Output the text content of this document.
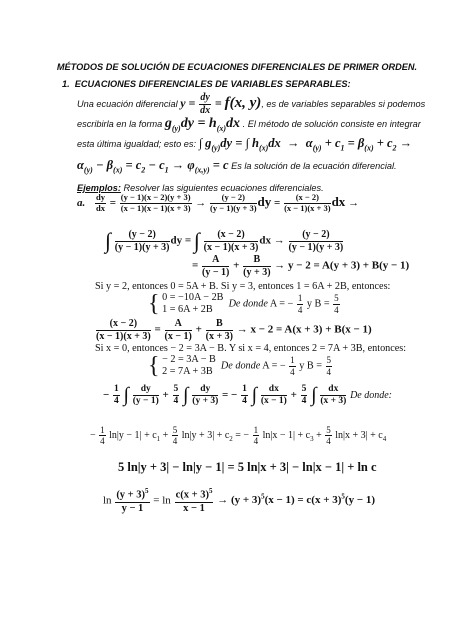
MÉTODOS DE SOLUCIÓN DE ECUACIONES DIFERENCIALES DE PRIMER ORDEN.
1. ECUACIONES DIFERENCIALES DE VARIABLES SEPARABLES:
Una ecuación diferencial $y = \frac{dy}{dx} = f(x$, y), es de variables separables si podemos
escribirla en la forma $g_{(y)}dy = h_{(x)}dx$ . El método de solución consiste en integrar
esta última igualdad; esto es: ∫ $g_{(y)}dy$ = ∫ $h_{(x)}dx \to \alpha_{(y)} + c_1 = \beta_{(x)} + c_2$ →
$\alpha_{(y)} - \beta_{(x)} = c_2 - c_1 \to \varphi_{(x,y)} = c$ Es la solución de la ecuación diferencial.
Ejemplos: Resolver las siguientes ecuaciones diferenciales.
a. $\frac{dy}{dx} = \frac{(y - 1)(x - 2)(y + 3)}{(x - 1)(x - 1)(x + 3)} \to \frac{(y - 2)}{(y - 1)(y + 3)}$ dy = $\frac{(x - 2)}{(x - 1)(x + 3)}$ dx →
∫ $\frac{(y - 2)}{(y - 1)(y + 3)}$ dy = ∫ $\frac{(x - 2)}{(x - 1)(x + 3)}$ dx → $\frac{(y - 2)}{(y - 1)(y + 3)}$
= $\frac{A}{(y - 1)} + \frac{B}{(y + 3)} \to y - 2 = A(y + 3) + B(y - 1)$
Si y = 2, entonces 0 = 5A + B. Si y = 3, entonces 1 = 6A + 2B, entonces:
{ 0 = −10A − 2B
1 = 6A + 2B
De donde A = − $\frac{1}{4}$ y $B = \frac{5}{4}$
$\frac{(x - 2)}{(x - 1)(x + 3)} = \frac{A}{(x - 1)} + \frac{B}{(x + 3)} \to x - 2 = A(x + 3) + B(x - 1)$
Si x = 0, entonces − 2 = 3A − B. Y si x = 4, entonces 2 = 7A + 3B, entonces:
{ − 2 = 3A − B
2 = 7A + 3B
De donde A = − $\frac{1}{4}$ y $B = \frac{5}{4}$
− $\frac{1}{4}$ ∫ $\frac{dy}{(y - 1)} + \frac{5}{4}$ ∫ $\frac{dy}{(y + 3)}$ = − $\frac{1}{4}$ ∫ $\frac{dx}{(x - 1)} + \frac{5}{4}$ ∫ $\frac{dx}{(x + 3)}$ De donde:
− $\frac{1}{4} \ln|y - 1| + c_1 + \frac{5}{4} \ln|y + 3| + c_2$ = − $\frac{1}{4} \ln|x - 1| + c_3 + \frac{5}{4} \ln|x + 3| + c_4$
5 ln|y + 3| − ln|y − 1| = 5 ln|x + 3| − ln|x − 1| + ln c
$\ln \frac{(y + 3)^5}{y - 1} = \ln \frac{c(x + 3)^5}{x - 1} \to (y + 3)^5(x - 1) = c(x + 3)^5(y - 1)$
